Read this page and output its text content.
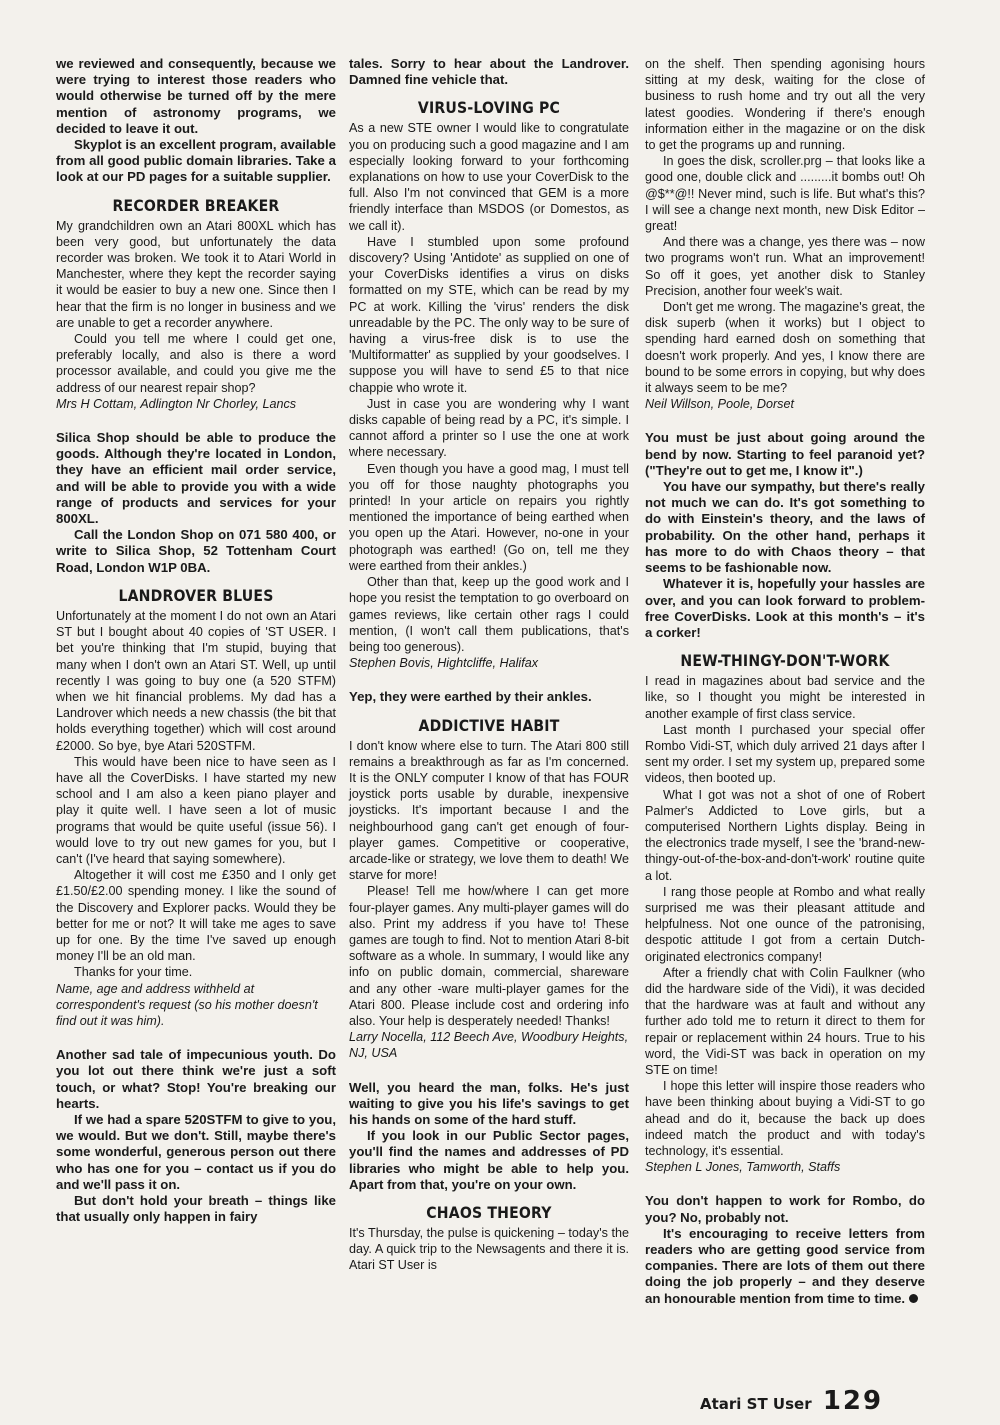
we reviewed and consequently, because we were trying to interest those readers who would otherwise be turned off by the mere mention of astronomy programs, we decided to leave it out.

Skyplot is an excellent program, available from all good public domain libraries. Take a look at our PD pages for a suitable supplier.

RECORDER BREAKER

My grandchildren own an Atari 800XL which has been very good, but unfortunately the data recorder was broken. We took it to Atari World in Manchester, where they kept the recorder saying it would be easier to buy a new one. Since then I hear that the firm is no longer in business and we are unable to get a recorder anywhere.

Could you tell me where I could get one, preferably locally, and also is there a word processor available, and could you give me the address of our nearest repair shop?

Mrs H Cottam, Adlington Nr Chorley, Lancs

Silica Shop should be able to produce the goods. Although they're located in London, they have an efficient mail order service, and will be able to provide you with a wide range of products and services for your 800XL.

Call the London Shop on 071 580 400, or write to Silica Shop, 52 Tottenham Court Road, London W1P 0BA.

LANDROVER BLUES

Unfortunately at the moment I do not own an Atari ST but I bought about 40 copies of 'ST USER. I bet you're thinking that I'm stupid, buying that many when I don't own an Atari ST. Well, up until recently I was going to buy one (a 520 STFM) when we hit financial problems. My dad has a Landrover which needs a new chassis (the bit that holds everything together) which will cost around £2000. So bye, bye Atari 520STFM.

This would have been nice to have seen as I have all the CoverDisks. I have started my new school and I am also a keen piano player and play it quite well. I have seen a lot of music programs that would be quite useful (issue 56). I would love to try out new games for you, but I can't (I've heard that saying somewhere).

Altogether it will cost me £350 and I only get £1.50/£2.00 spending money. I like the sound of the Discovery and Explorer packs. Would they be better for me or not? It will take me ages to save up for one. By the time I've saved up enough money I'll be an old man.

Thanks for your time.

Name, age and address withheld at correspondent's request (so his mother doesn't find out it was him).

Another sad tale of impecunious youth. Do you lot out there think we're just a soft touch, or what? Stop! You're breaking our hearts.

If we had a spare 520STFM to give to you, we would. But we don't. Still, maybe there's some wonderful, generous person out there who has one for you – contact us if you do and we'll pass it on.

But don't hold your breath – things like that usually only happen in fairy

tales. Sorry to hear about the Landrover. Damned fine vehicle that.

VIRUS-LOVING PC

As a new STE owner I would like to congratulate you on producing such a good magazine and I am especially looking forward to your forthcoming explanations on how to use your CoverDisk to the full. Also I'm not convinced that GEM is a more friendly interface than MSDOS (or Domestos, as we call it).

Have I stumbled upon some profound discovery? Using 'Antidote' as supplied on one of your CoverDisks identifies a virus on disks formatted on my STE, which can be read by my PC at work. Killing the 'virus' renders the disk unreadable by the PC. The only way to be sure of having a virus-free disk is to use the 'Multiformatter' as supplied by your goodselves. I suppose you will have to send £5 to that nice chappie who wrote it.

Just in case you are wondering why I want disks capable of being read by a PC, it's simple. I cannot afford a printer so I use the one at work where necessary.

Even though you have a good mag, I must tell you off for those naughty photographs you printed! In your article on repairs you rightly mentioned the importance of being earthed when you open up the Atari. However, no-one in your photograph was earthed! (Go on, tell me they were earthed from their ankles.)

Other than that, keep up the good work and I hope you resist the temptation to go overboard on games reviews, like certain other rags I could mention, (I won't call them publications, that's being too generous).

Stephen Bovis, Hightcliffe, Halifax

Yep, they were earthed by their ankles.

ADDICTIVE HABIT

I don't know where else to turn. The Atari 800 still remains a breakthrough as far as I'm concerned. It is the ONLY computer I know of that has FOUR joystick ports usable by durable, inexpensive joysticks. It's important because I and the neighbourhood gang can't get enough of four-player games. Competitive or cooperative, arcade-like or strategy, we love them to death! We starve for more!

Please! Tell me how/where I can get more four-player games. Any multi-player games will do also. Print my address if you have to! These games are tough to find. Not to mention Atari 8-bit software as a whole. In summary, I would like any info on public domain, commercial, shareware and any other -ware multi-player games for the Atari 800. Please include cost and ordering info also. Your help is desperately needed! Thanks!

Larry Nocella, 112 Beech Ave, Woodbury Heights, NJ, USA

Well, you heard the man, folks. He's just waiting to give you his life's savings to get his hands on some of the hard stuff.

If you look in our Public Sector pages, you'll find the names and addresses of PD libraries who might be able to help you. Apart from that, you're on your own.

CHAOS THEORY

It's Thursday, the pulse is quickening – today's the day. A quick trip to the Newsagents and there it is. Atari ST User is

on the shelf. Then spending agonising hours sitting at my desk, waiting for the close of business to rush home and try out all the very latest goodies. Wondering if there's enough information either in the magazine or on the disk to get the programs up and running.

In goes the disk, scroller.prg – that looks like a good one, double click and .........it bombs out! Oh @$**@!! Never mind, such is life. But what's this? I will see a change next month, new Disk Editor – great!

And there was a change, yes there was – now two programs won't run. What an improvement! So off it goes, yet another disk to Stanley Precision, another four week's wait.

Don't get me wrong. The magazine's great, the disk superb (when it works) but I object to spending hard earned dosh on something that doesn't work properly. And yes, I know there are bound to be some errors in copying, but why does it always seem to be me?

Neil Willson, Poole, Dorset

You must be just about going around the bend by now. Starting to feel paranoid yet? ("They're out to get me, I know it".)

You have our sympathy, but there's really not much we can do. It's got something to do with Einstein's theory, and the laws of probability. On the other hand, perhaps it has more to do with Chaos theory – that seems to be fashionable now.

Whatever it is, hopefully your hassles are over, and you can look forward to problem-free CoverDisks. Look at this month's – it's a corker!

NEW-THINGY-DON'T-WORK

I read in magazines about bad service and the like, so I thought you might be interested in another example of first class service.

Last month I purchased your special offer Rombo Vidi-ST, which duly arrived 21 days after I sent my order. I set my system up, prepared some videos, then booted up.

What I got was not a shot of one of Robert Palmer's Addicted to Love girls, but a computerised Northern Lights display. Being in the electronics trade myself, I see the 'brand-new-thingy-out-of-the-box-and-don't-work' routine quite a lot.

I rang those people at Rombo and what really surprised me was their pleasant attitude and helpfulness. Not one ounce of the patronising, despotic attitude I got from a certain Dutch-originated electronics company!

After a friendly chat with Colin Faulkner (who did the hardware side of the Vidi), it was decided that the hardware was at fault and without any further ado told me to return it direct to them for repair or replacement within 24 hours. True to his word, the Vidi-ST was back in operation on my STE on time!

I hope this letter will inspire those readers who have been thinking about buying a Vidi-ST to go ahead and do it, because the back up does indeed match the product and with today's technology, it's essential.

Stephen L Jones, Tamworth, Staffs

You don't happen to work for Rombo, do you? No, probably not.

It's encouraging to receive letters from readers who are getting good service from companies. There are lots of them out there doing the job properly – and they deserve an honourable mention from time to time.

Atari ST User 129
